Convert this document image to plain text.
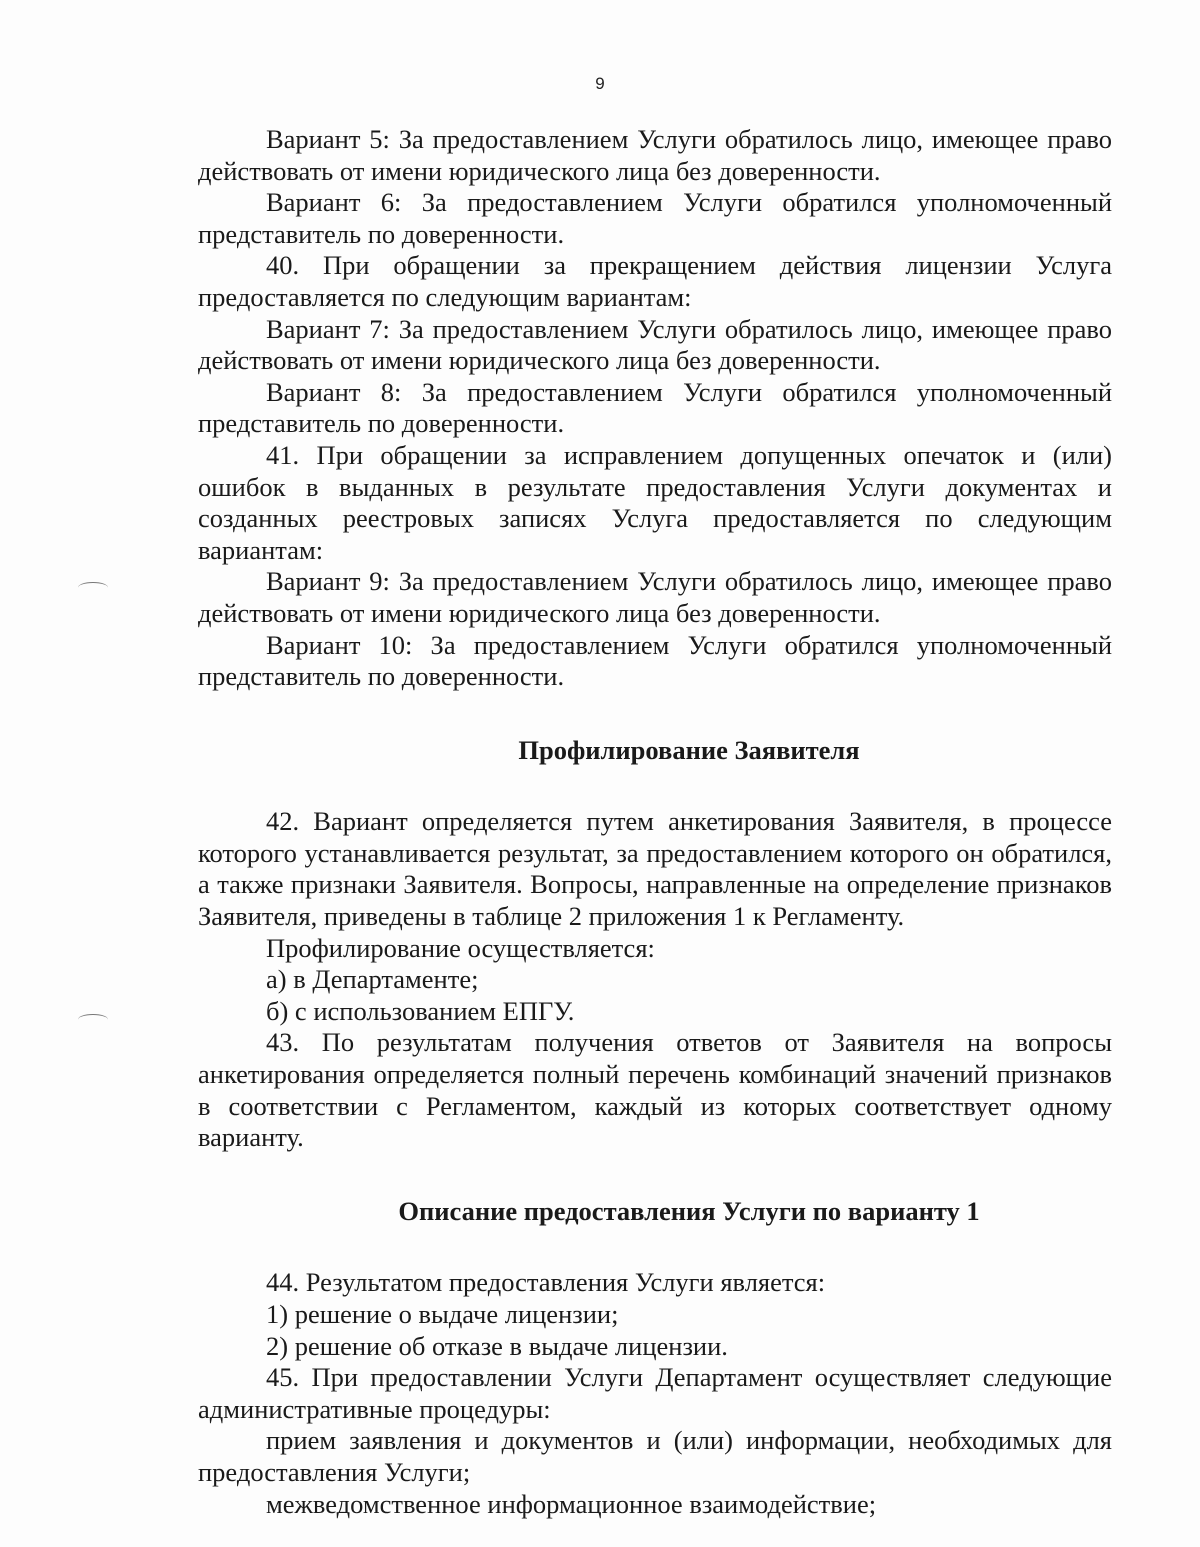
9

Вариант 5: За предоставлением Услуги обратилось лицо, имеющее право действовать от имени юридического лица без доверенности.

Вариант 6: За предоставлением Услуги обратился уполномоченный представитель по доверенности.

40. При обращении за прекращением действия лицензии Услуга предоставляется по следующим вариантам:

Вариант 7: За предоставлением Услуги обратилось лицо, имеющее право действовать от имени юридического лица без доверенности.

Вариант 8: За предоставлением Услуги обратился уполномоченный представитель по доверенности.

41. При обращении за исправлением допущенных опечаток и (или) ошибок в выданных в результате предоставления Услуги документах и созданных реестровых записях Услуга предоставляется по следующим вариантам:

Вариант 9: За предоставлением Услуги обратилось лицо, имеющее право действовать от имени юридического лица без доверенности.

Вариант 10: За предоставлением Услуги обратился уполномоченный представитель по доверенности.

Профилирование Заявителя

42. Вариант определяется путем анкетирования Заявителя, в процессе которого устанавливается результат, за предоставлением которого он обратился, а также признаки Заявителя. Вопросы, направленные на определение признаков Заявителя, приведены в таблице 2 приложения 1 к Регламенту.

Профилирование осуществляется:

а) в Департаменте;

б) с использованием ЕПГУ.

43. По результатам получения ответов от Заявителя на вопросы анкетирования определяется полный перечень комбинаций значений признаков в соответствии с Регламентом, каждый из которых соответствует одному варианту.

Описание предоставления Услуги по варианту 1

44. Результатом предоставления Услуги является:

1) решение о выдаче лицензии;

2) решение об отказе в выдаче лицензии.

45. При предоставлении Услуги Департамент осуществляет следующие административные процедуры:

прием заявления и документов и (или) информации, необходимых для предоставления Услуги;

межведомственное информационное взаимодействие;
